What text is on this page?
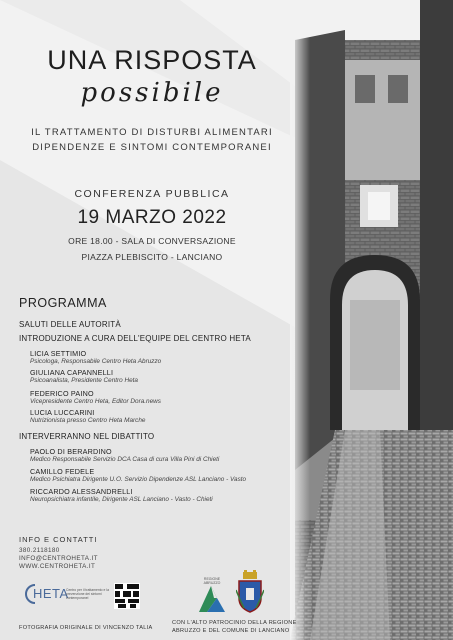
UNA RISPOSTA
possibile
IL TRATTAMENTO DI DISTURBI ALIMENTARI
DIPENDENZE E SINTOMI CONTEMPORANEI
CONFERENZA PUBBLICA
19 MARZO 2022
ORE 18.00 - SALA DI CONVERSAZIONE
PIAZZA PLEBISCITO - LANCIANO
PROGRAMMA
SALUTI DELLE AUTORITÀ
INTRODUZIONE A CURA DELL'EQUIPE DEL CENTRO HETA
LICIA SETTIMIO
Psicologa, Responsabile Centro Heta Abruzzo
GIULIANA CAPANNELLI
Psicoanalista, Presidente Centro Heta
FEDERICO PAINO
Vicepresidente Centro Heta, Editor Dora.news
LUCIA LUCCARINI
Nutrizionista presso Centro Heta Marche
INTERVERRANNO NEL DIBATTITO
PAOLO DI BERARDINO
Medico Responsabile Servizio DCA Casa di cura Villa Pini di Chieti
CAMILLO FEDELE
Medico Psichiatra Dirigente U.O. Servizio Dipendenze ASL Lanciano - Vasto
RICCARDO ALESSANDRELLI
Neuropsichiatra infantile, Dirigente ASL Lanciano - Vasto - Chieti
INFO E CONTATTI
380.2118180
INFO@CENTROHETA.IT
WWW.CENTROHETA.IT
HETA
Centro per il trattamento e la prevenzione dei sintomi contemporanei
REGIONE ABRUZZO
FOTOGRAFIA ORIGINALE DI VINCENZO TALIA
CON L'ALTO PATROCINIO DELLA REGIONE
ABRUZZO E DEL COMUNE DI LANCIANO
